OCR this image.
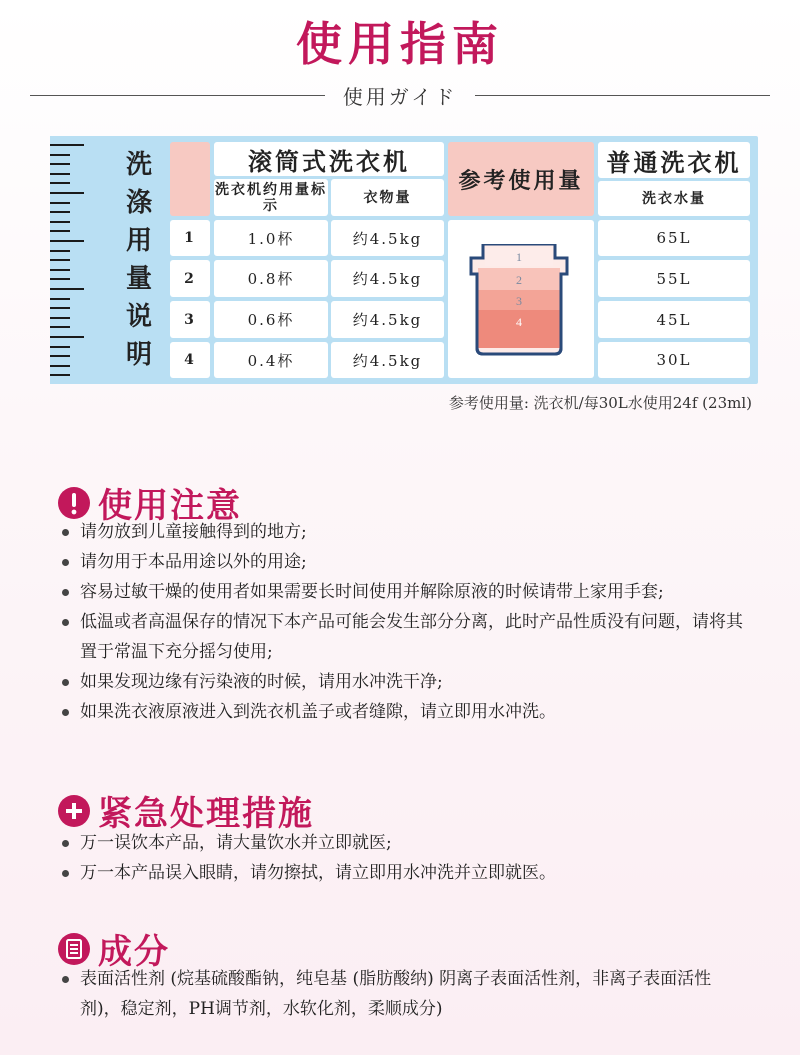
使用指南
使用ガイド
洗
涤
用
量
说
明
滚筒式洗衣机
洗衣机约用量标示	衣物量
参考使用量
普通洗衣机
洗衣水量
1	1.0杯	约4.5kg	65L
2	0.8杯	约4.5kg	55L
3	0.6杯	约4.5kg	45L
4	0.4杯	约4.5kg	30L
1
2
3
4
参考使用量: 洗衣机/每30L水使用24f (23ml)
使用注意
请勿放到儿童接触得到的地方;
请勿用于本品用途以外的用途;
容易过敏干燥的使用者如果需要长时间使用并解除原液的时候请带上家用手套;
低温或者高温保存的情况下本产品可能会发生部分分离，此时产品性质没有问题，请将其置于常温下充分摇匀使用;
如果发现边缘有污染液的时候，请用水冲洗干净;
如果洗衣液原液进入到洗衣机盖子或者缝隙，请立即用水冲洗。
紧急处理措施
万一误饮本产品，请大量饮水并立即就医;
万一本产品误入眼睛，请勿擦拭，请立即用水冲洗并立即就医。
成分
表面活性剂 (烷基硫酸酯钠，纯皂基 (脂肪酸纳) 阴离子表面活性剂，非离子表面活性剂)，稳定剂，PH调节剂，水软化剂，柔顺成分)
